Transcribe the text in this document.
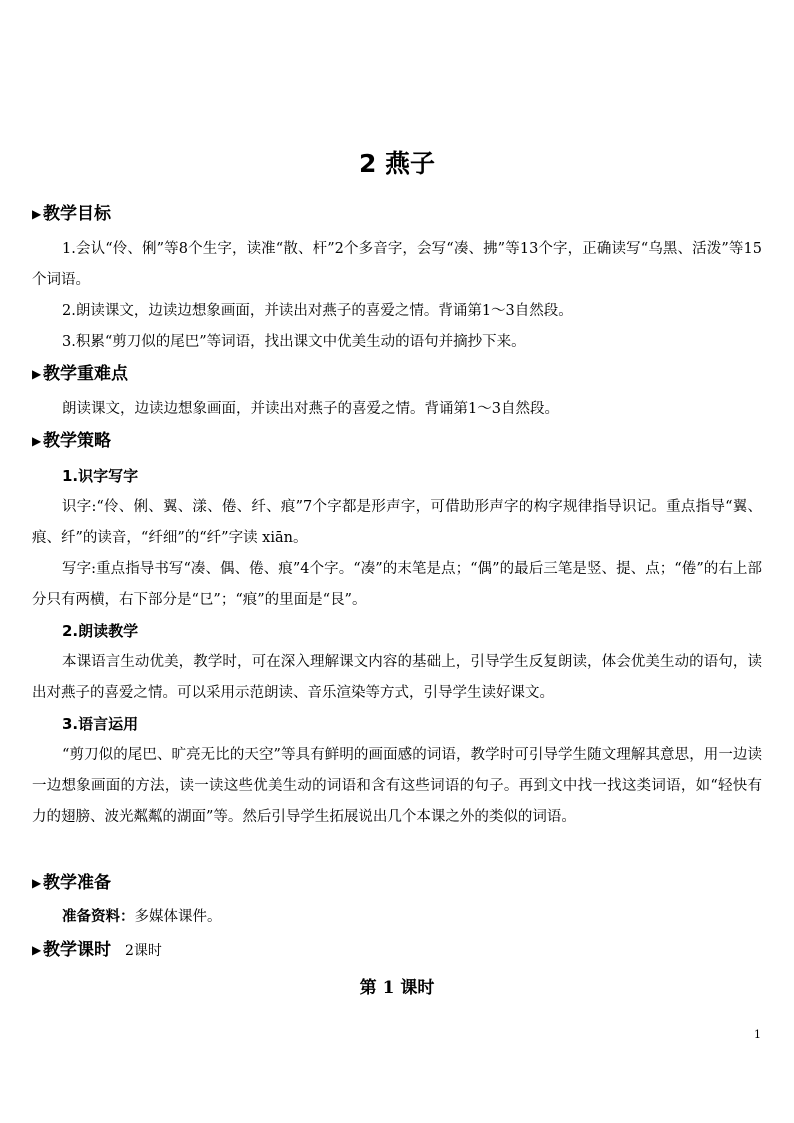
2 燕子
▶ 教学目标

1.会认“伶、俐”等8个生字，读准“散、杆”2个多音字，会写“凑、拂”等13个字，正确读写“乌黑、活泼”等15个词语。

2.朗读课文，边读边想象画面，并读出对燕子的喜爱之情。背诵第1～3自然段。

3.积累“剪刀似的尾巴”等词语，找出课文中优美生动的语句并摘抄下来。

▶ 教学重难点

朗读课文，边读边想象画面，并读出对燕子的喜爱之情。背诵第1～3自然段。

▶ 教学策略
1.识字写字

识字:“伶、俐、翼、漾、倦、纤、痕”7个字都是形声字，可借助形声字的构字规律指导识记。重点指导“翼、痕、纤”的读音，“纤细”的“纤”字读 xiān。

写字:重点指导书写“凑、偶、倦、痕”4个字。“凑”的末笔是点；“偶”的最后三笔是竖、提、点；“倦”的右上部分只有两横，右下部分是“㔾”；“痕”的里面是“艮”。

2.朗读教学

本课语言生动优美，教学时，可在深入理解课文内容的基础上，引导学生反复朗读，体会优美生动的语句，读出对燕子的喜爱之情。可以采用示范朗读、音乐渲染等方式，引导学生读好课文。

3.语言运用

“剪刀似的尾巴、旷亮无比的天空”等具有鲜明的画面感的词语，教学时可引导学生随文理解其意思，用一边读一边想象画面的方法，读一读这些优美生动的词语和含有这些词语的句子。再到文中找一找这类词语，如“轻快有力的翅膀、波光粼粼的湖面”等。然后引导学生拓展说出几个本课之外的类似的词语。

▶ 教学准备

准备资料：多媒体课件。

▶ 教学课时 2课时
第 1 课时
1
